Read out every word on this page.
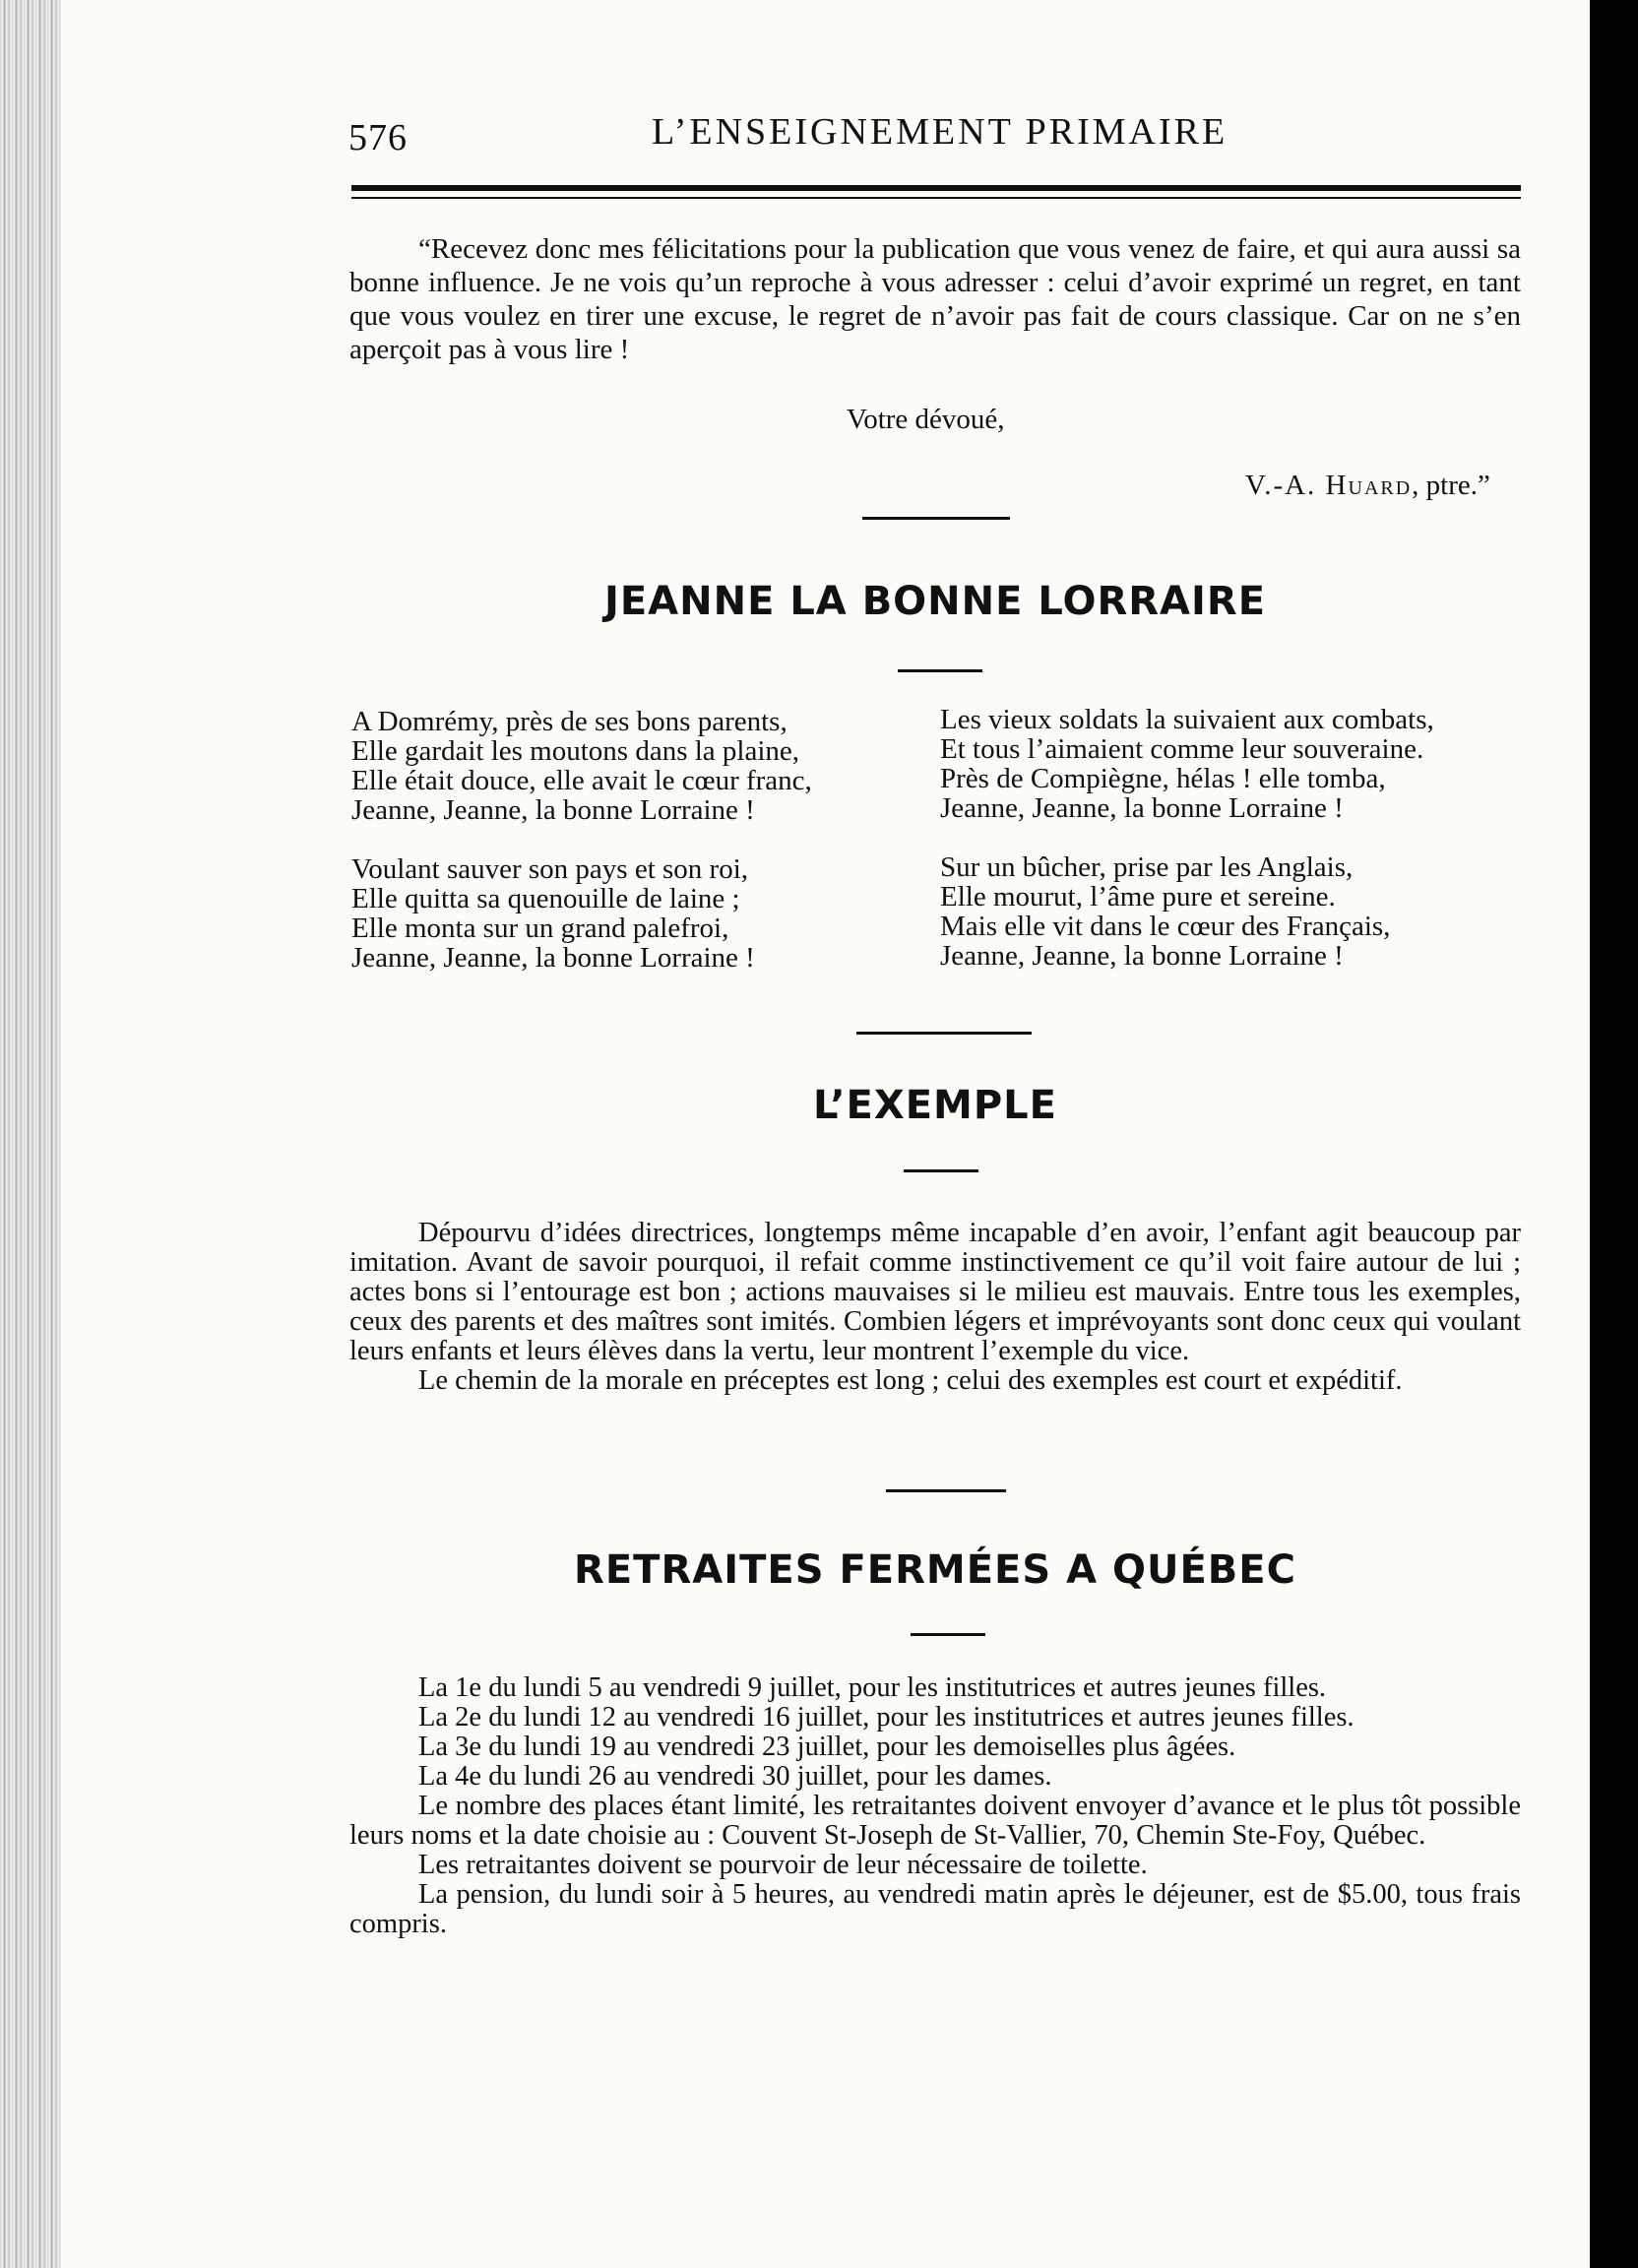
576	L’ENSEIGNEMENT PRIMAIRE

“Recevez donc mes félicitations pour la publication que vous venez de faire, et qui aura aussi sa bonne influence. Je ne vois qu’un reproche à vous adresser : celui d’avoir exprimé un regret, en tant que vous voulez en tirer une excuse, le regret de n’avoir pas fait de cours classique. Car on ne s’en aperçoit pas à vous lire !

Votre dévoué,
V.-A. Huard, ptre.”
JEANNE LA BONNE LORRAIRE
A Domrémy, près de ses bons parents,
Elle gardait les moutons dans la plaine,
Elle était douce, elle avait le cœur franc,
Jeanne, Jeanne, la bonne Lorraine !
Voulant sauver son pays et son roi,
Elle quitta sa quenouille de laine ;
Elle monta sur un grand palefroi,
Jeanne, Jeanne, la bonne Lorraine !
Les vieux soldats la suivaient aux combats,
Et tous l’aimaient comme leur souveraine.
Près de Compiègne, hélas ! elle tomba,
Jeanne, Jeanne, la bonne Lorraine !
Sur un bûcher, prise par les Anglais,
Elle mourut, l’âme pure et sereine.
Mais elle vit dans le cœur des Français,
Jeanne, Jeanne, la bonne Lorraine !
L’EXEMPLE

Dépourvu d’idées directrices, longtemps même incapable d’en avoir, l’enfant agit beaucoup par imitation. Avant de savoir pourquoi, il refait comme instinctivement ce qu’il voit faire autour de lui ; actes bons si l’entourage est bon ; actions mauvaises si le milieu est mauvais. Entre tous les exemples, ceux des parents et des maîtres sont imités. Combien légers et imprévoyants sont donc ceux qui voulant leurs enfants et leurs élèves dans la vertu, leur montrent l’exemple du vice.

Le chemin de la morale en préceptes est long ; celui des exemples est court et expéditif.

RETRAITES FERMÉES A QUÉBEC

La 1e du lundi 5 au vendredi 9 juillet, pour les institutrices et autres jeunes filles.

La 2e du lundi 12 au vendredi 16 juillet, pour les institutrices et autres jeunes filles.

La 3e du lundi 19 au vendredi 23 juillet, pour les demoiselles plus âgées.

La 4e du lundi 26 au vendredi 30 juillet, pour les dames.

Le nombre des places étant limité, les retraitantes doivent envoyer d’avance et le plus tôt possible leurs noms et la date choisie au : Couvent St-Joseph de St-Vallier, 70, Chemin Ste-Foy, Québec.

Les retraitantes doivent se pourvoir de leur nécessaire de toilette.

La pension, du lundi soir à 5 heures, au vendredi matin après le déjeuner, est de $5.00, tous frais compris.
